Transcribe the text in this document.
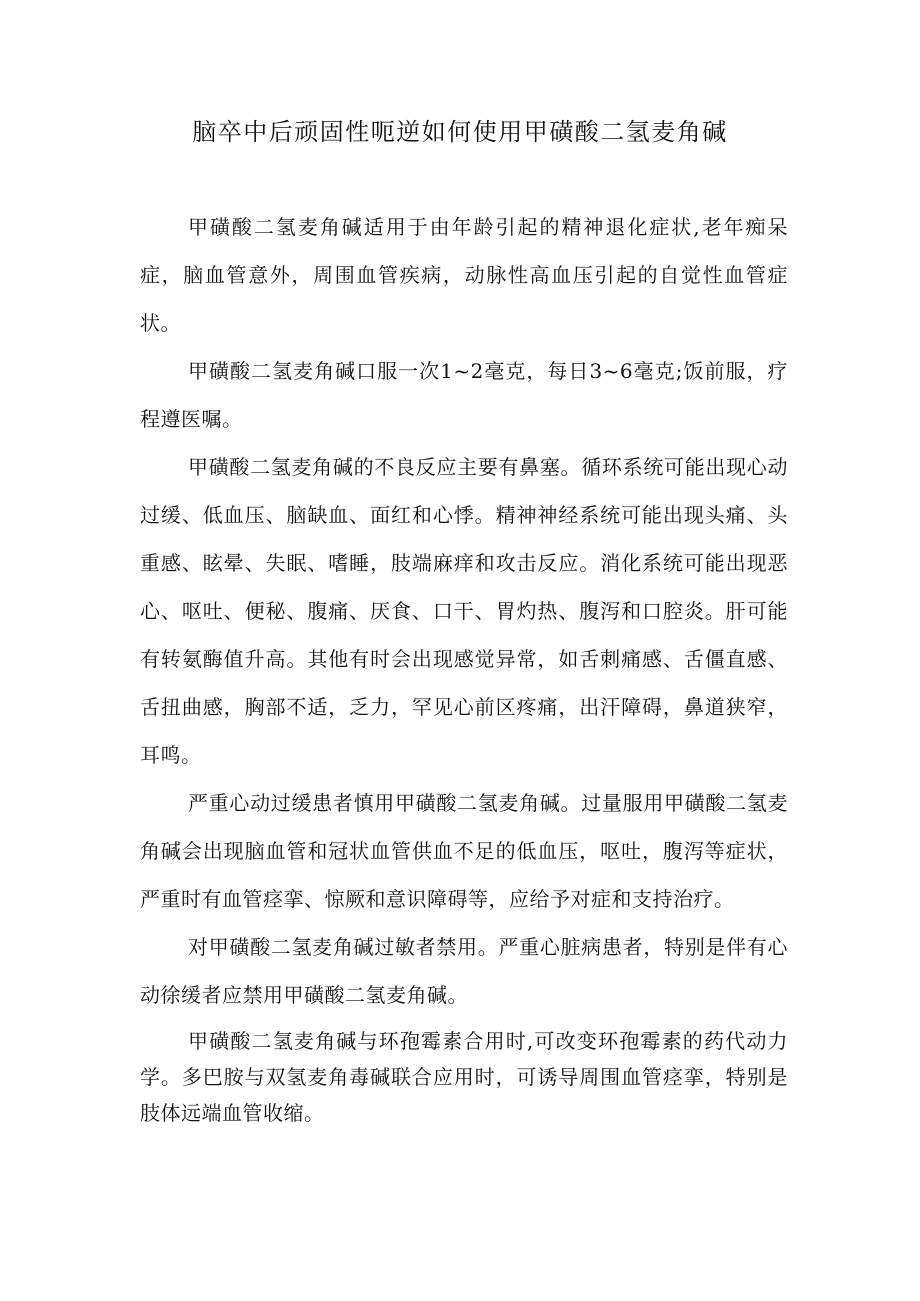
脑卒中后顽固性呃逆如何使用甲磺酸二氢麦角碱

甲磺酸二氢麦角碱适用于由年龄引起的精神退化症状,老年痴呆症，脑血管意外，周围血管疾病，动脉性高血压引起的自觉性血管症状。

甲磺酸二氢麦角碱口服一次1~2毫克，每日3~6毫克;饭前服，疗程遵医嘱。

甲磺酸二氢麦角碱的不良反应主要有鼻塞。循环系统可能出现心动过缓、低血压、脑缺血、面红和心悸。精神神经系统可能出现头痛、头重感、眩晕、失眠、嗜睡，肢端麻痒和攻击反应。消化系统可能出现恶心、呕吐、便秘、腹痛、厌食、口干、胃灼热、腹泻和口腔炎。肝可能有转氨酶值升高。其他有时会出现感觉异常，如舌刺痛感、舌僵直感、舌扭曲感，胸部不适，乏力，罕见心前区疼痛，出汗障碍，鼻道狭窄，耳鸣。

严重心动过缓患者慎用甲磺酸二氢麦角碱。过量服用甲磺酸二氢麦角碱会出现脑血管和冠状血管供血不足的低血压，呕吐，腹泻等症状，严重时有血管痉挛、惊厥和意识障碍等，应给予对症和支持治疗。

对甲磺酸二氢麦角碱过敏者禁用。严重心脏病患者，特别是伴有心动徐缓者应禁用甲磺酸二氢麦角碱。

甲磺酸二氢麦角碱与环孢霉素合用时,可改变环孢霉素的药代动力学。多巴胺与双氢麦角毒碱联合应用时，可诱导周围血管痉挛，特别是肢体远端血管收缩。
